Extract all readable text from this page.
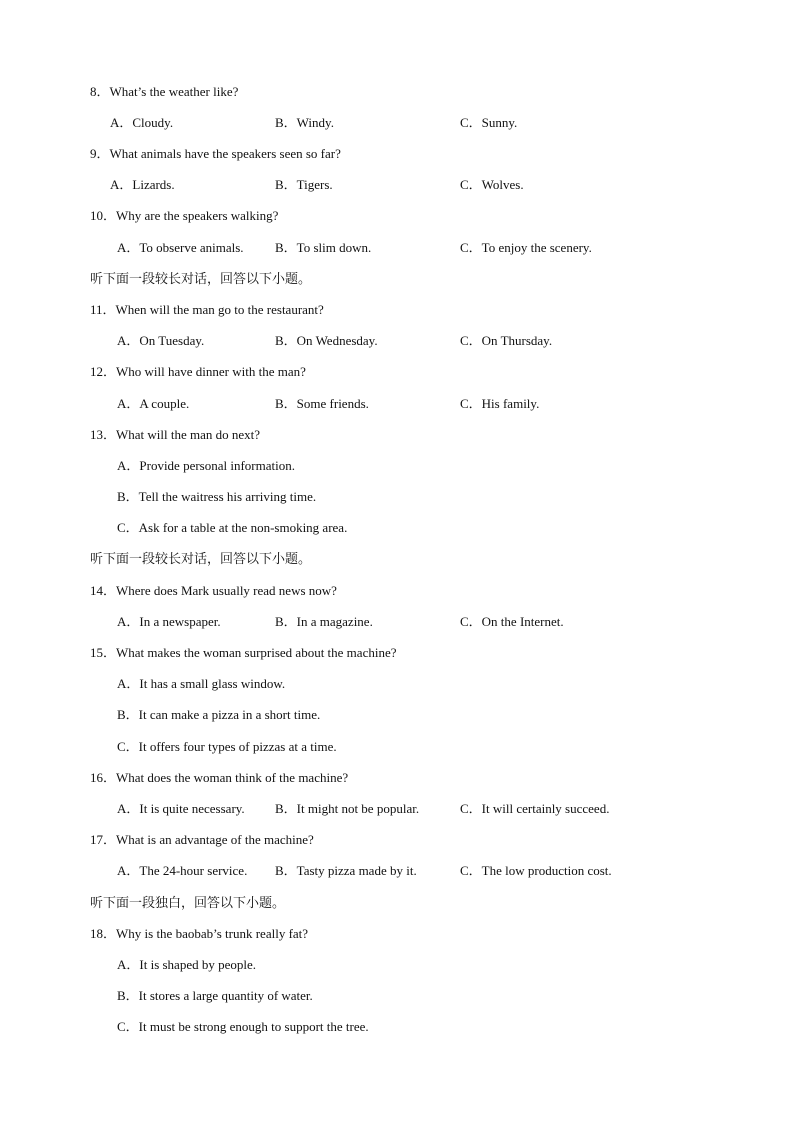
8．What’s the weather like?
A．Cloudy.	B．Windy.	C．Sunny.
9．What animals have the speakers seen so far?
A．Lizards.	B．Tigers.	C．Wolves.
10．Why are the speakers walking?
A．To observe animals. B．To slim down.	C．To enjoy the scenery.
听下面一段较长对话，回答以下小题。
11．When will the man go to the restaurant?
A．On Tuesday.	B．On Wednesday.	C．On Thursday.
12．Who will have dinner with the man?
A．A couple.	B．Some friends.	C．His family.
13．What will the man do next?
A．Provide personal information.
B．Tell the waitress his arriving time.
C．Ask for a table at the non-smoking area.
听下面一段较长对话，回答以下小题。
14．Where does Mark usually read news now?
A．In a newspaper.	B．In a magazine.	C．On the Internet.
15．What makes the woman surprised about the machine?
A．It has a small glass window.
B．It can make a pizza in a short time.
C．It offers four types of pizzas at a time.
16．What does the woman think of the machine?
A．It is quite necessary. B．It might not be popular.	C．It will certainly succeed.
17．What is an advantage of the machine?
A．The 24-hour service. B．Tasty pizza made by it.	C．The low production cost.
听下面一段独白，回答以下小题。
18．Why is the baobab’s trunk really fat?
A．It is shaped by people.
B．It stores a large quantity of water.
C．It must be strong enough to support the tree.
